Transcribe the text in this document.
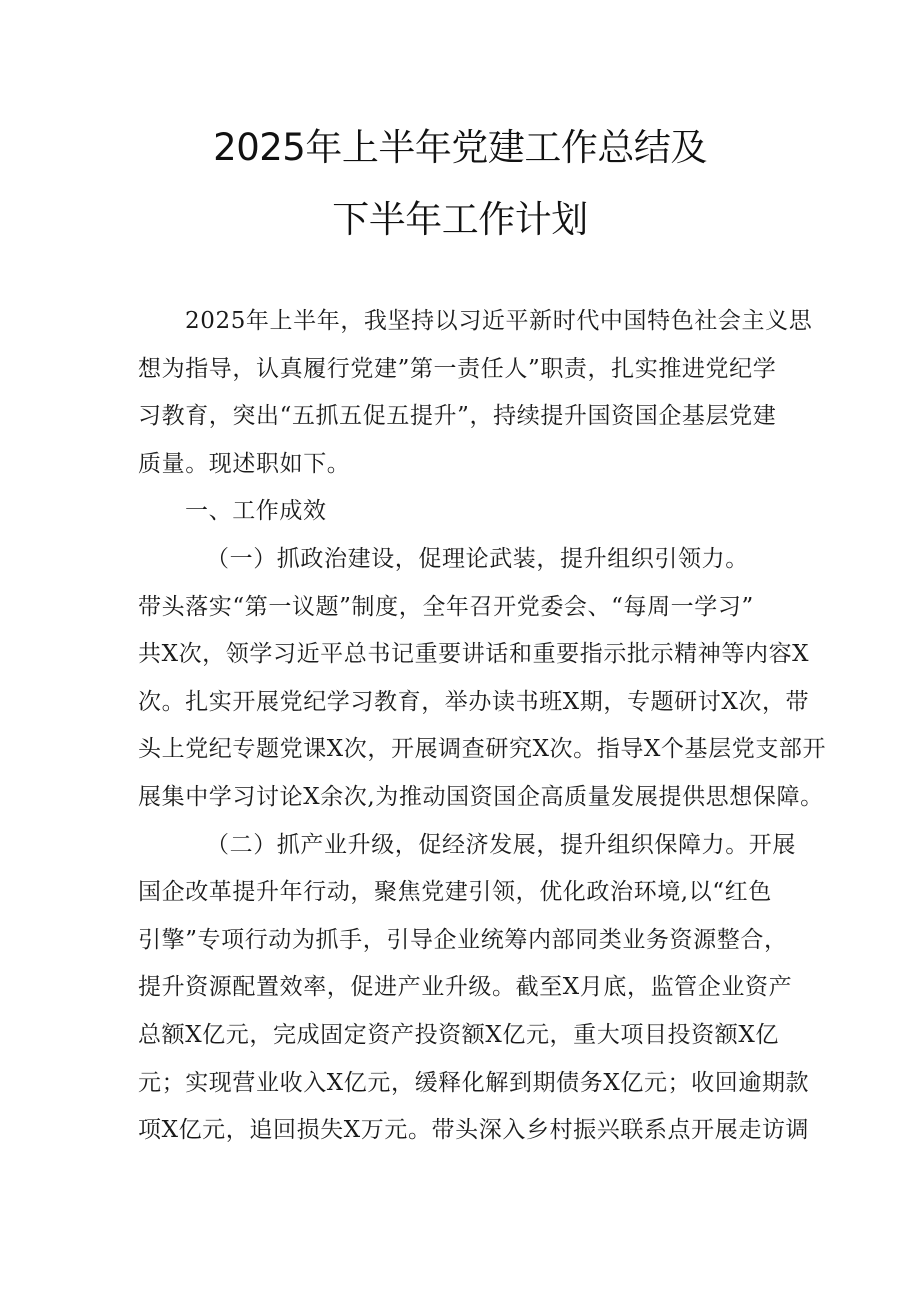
2025年上半年党建工作总结及
下半年工作计划
2025年上半年，我坚持以习近平新时代中国特色社会主义思
想为指导，认真履行党建”第一责任人”职责，扎实推进党纪学
习教育，突出“五抓五促五提升”，持续提升国资国企基层党建
质量。现述职如下。
一、工作成效
（一）抓政治建设，促理论武装，提升组织引领力。
带头落实“第一议题”制度，全年召开党委会、“每周一学习”
共X次，领学习近平总书记重要讲话和重要指示批示精神等内容X
次。扎实开展党纪学习教育，举办读书班X期，专题研讨X次，带
头上党纪专题党课X次，开展调查研究X次。指导X个基层党支部开
展集中学习讨论X余次,为推动国资国企高质量发展提供思想保障。
（二）抓产业升级，促经济发展，提升组织保障力。开展
国企改革提升年行动，聚焦党建引领，优化政治环境,以“红色
引擎”专项行动为抓手，引导企业统筹内部同类业务资源整合，
提升资源配置效率，促进产业升级。截至X月底，监管企业资产
总额X亿元，完成固定资产投资额X亿元，重大项目投资额X亿
元；实现营业收入X亿元，缓释化解到期债务X亿元；收回逾期款
项X亿元，追回损失X万元。带头深入乡村振兴联系点开展走访调
